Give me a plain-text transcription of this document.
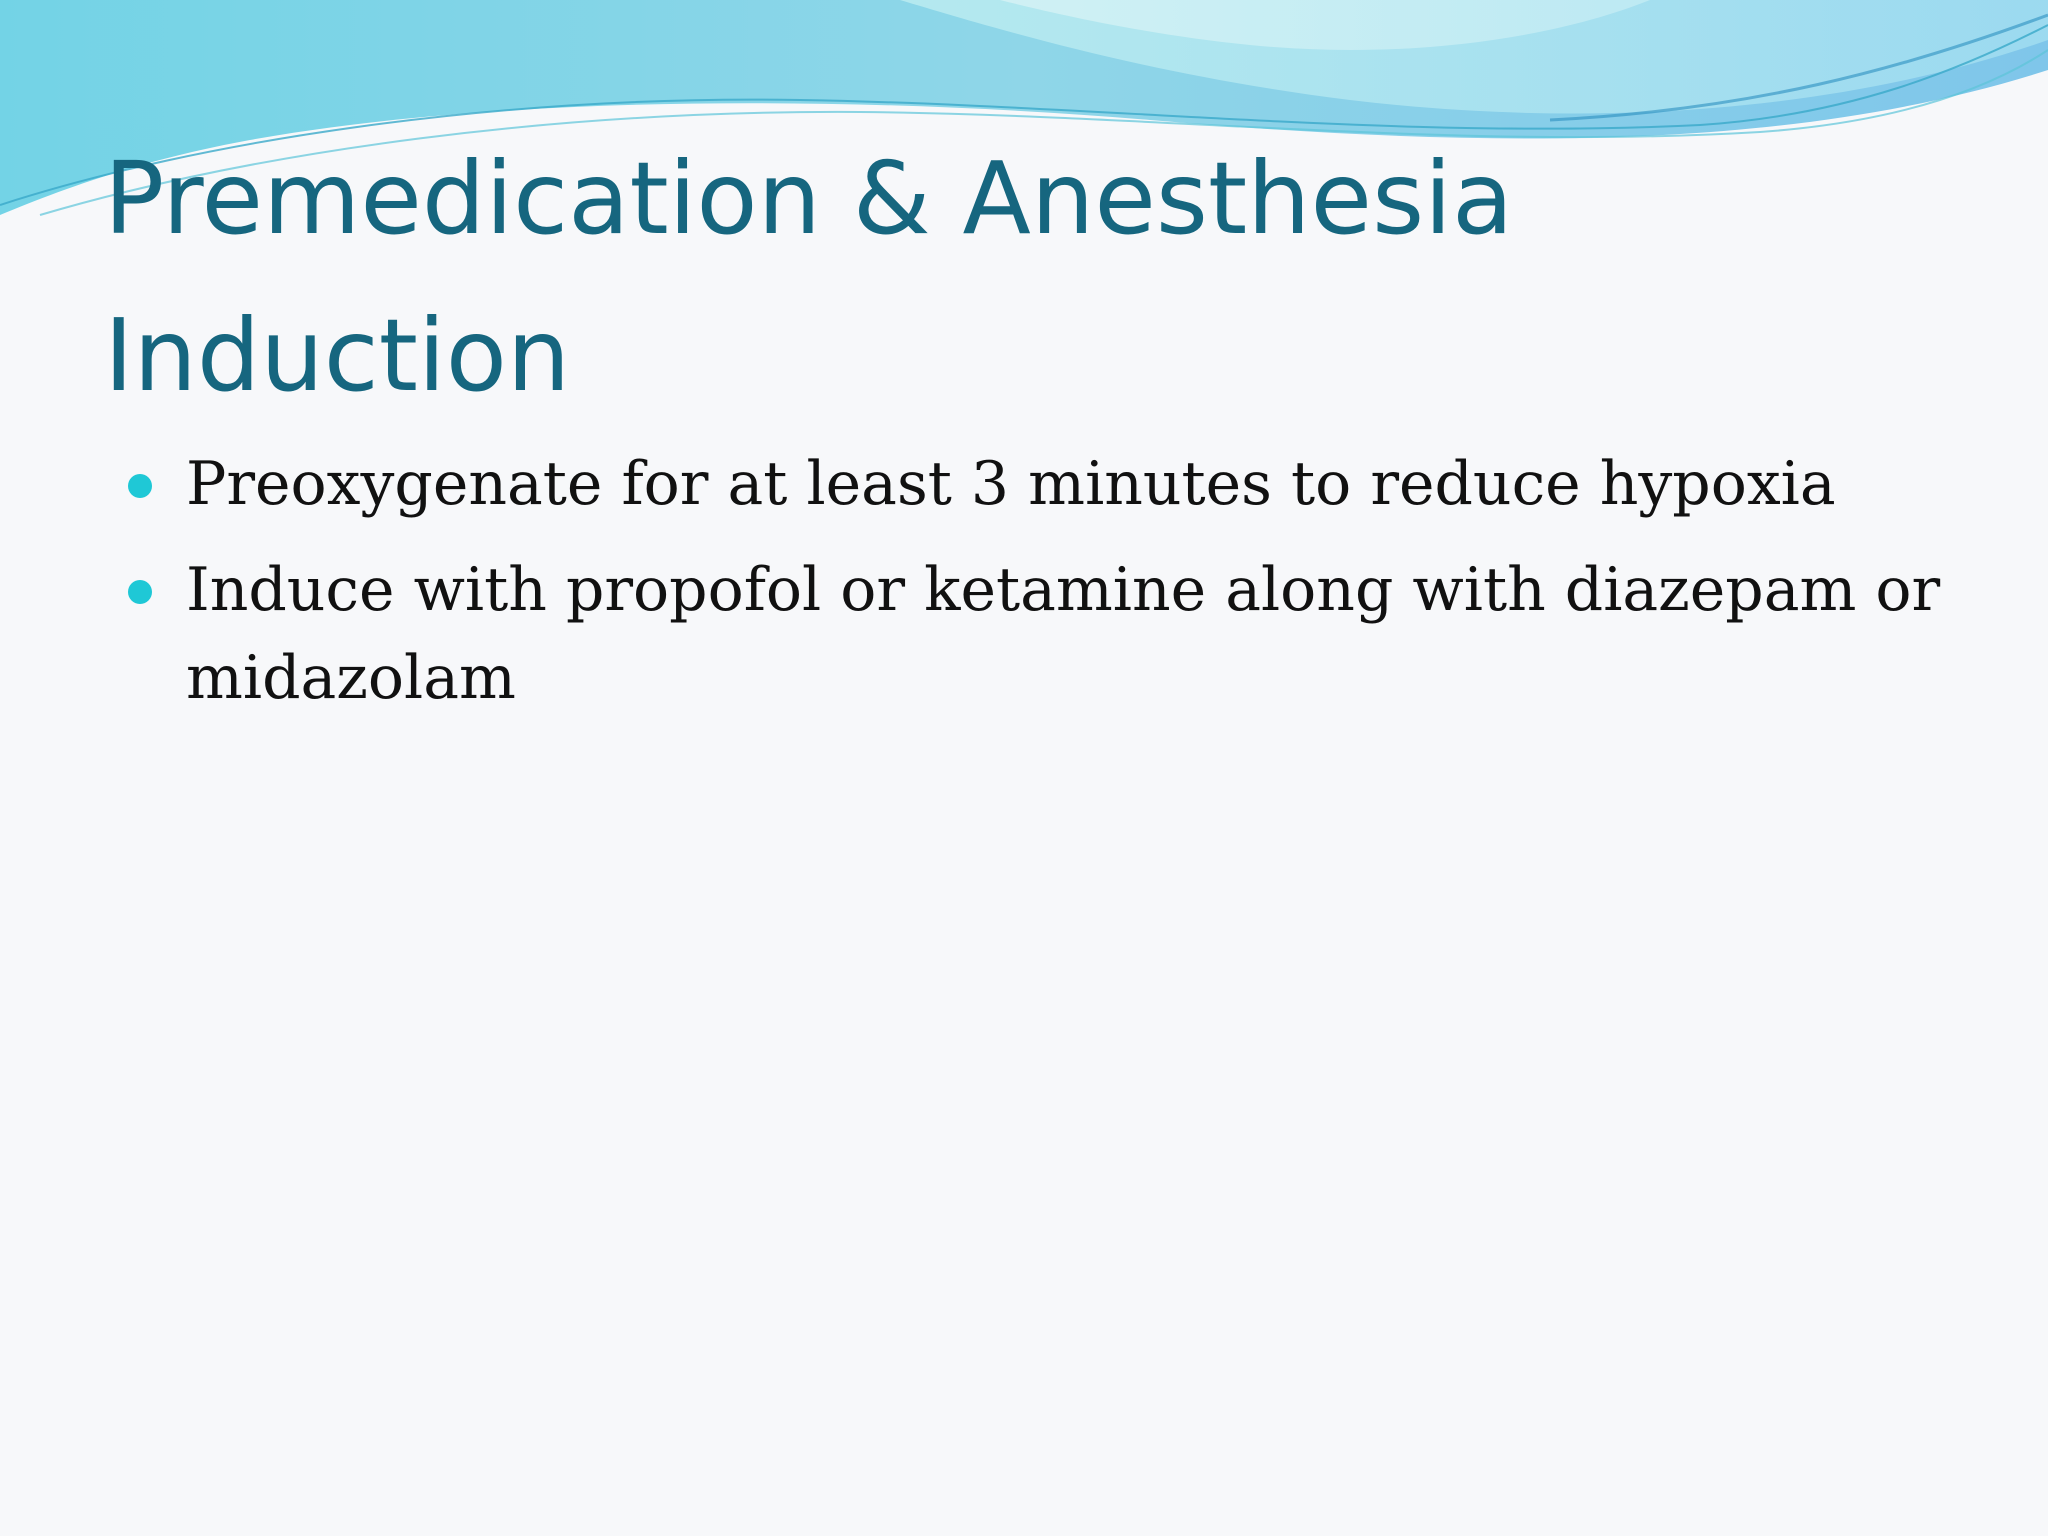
Premedication & Anesthesia Induction
Preoxygenate for at least 3 minutes to reduce hypoxia
Induce with propofol or ketamine along with diazepam or midazolam
